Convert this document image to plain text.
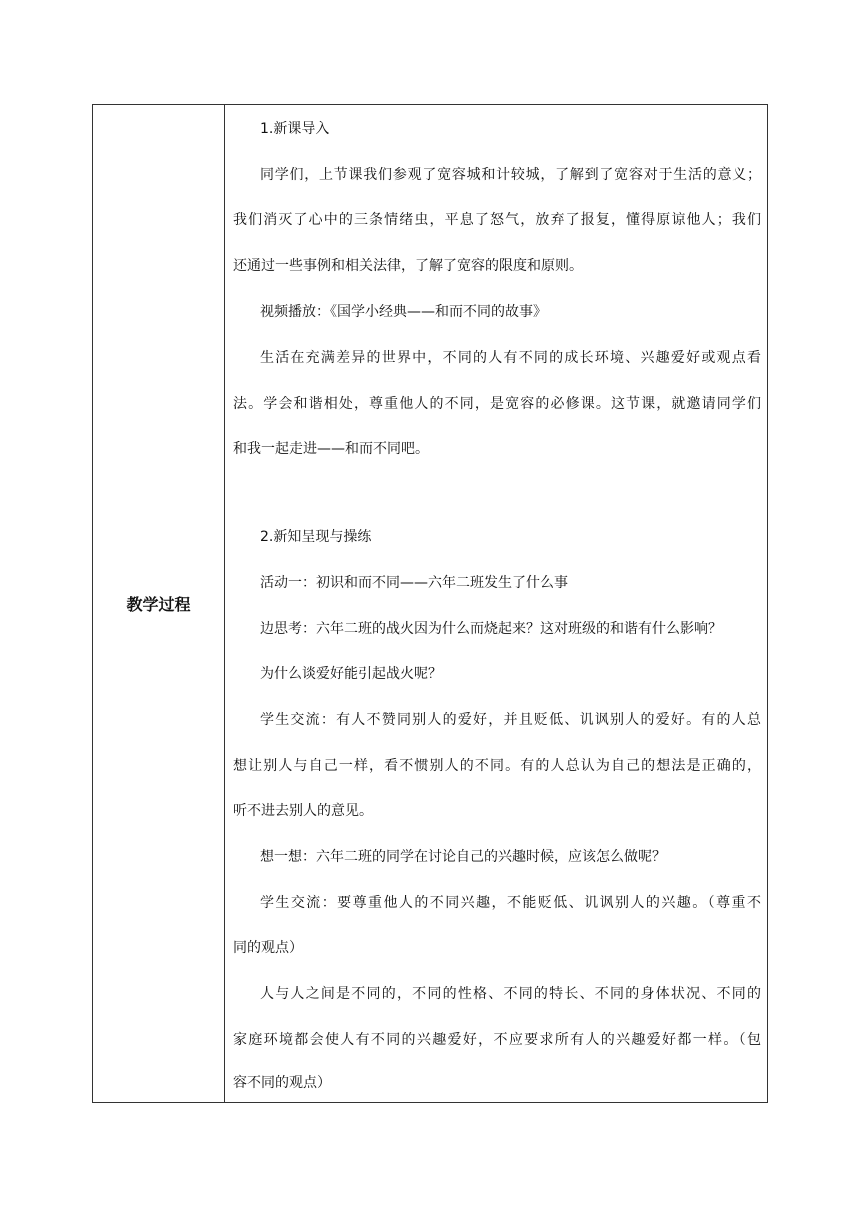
教学过程
1.新课导入
同学们，上节课我们参观了宽容城和计较城，了解到了宽容对于生活的意义；
我们消灭了心中的三条情绪虫，平息了怒气，放弃了报复，懂得原谅他人；我们
还通过一些事例和相关法律，了解了宽容的限度和原则。
视频播放：《国学小经典——和而不同的故事》
生活在充满差异的世界中，不同的人有不同的成长环境、兴趣爱好或观点看
法。学会和谐相处，尊重他人的不同，是宽容的必修课。这节课，就邀请同学们
和我一起走进——和而不同吧。
2.新知呈现与操练
活动一：初识和而不同——六年二班发生了什么事
边思考：六年二班的战火因为什么而烧起来？这对班级的和谐有什么影响？
为什么谈爱好能引起战火呢？
学生交流：有人不赞同别人的爱好，并且贬低、讥讽别人的爱好。有的人总
想让别人与自己一样，看不惯别人的不同。有的人总认为自己的想法是正确的，
听不进去别人的意见。
想一想：六年二班的同学在讨论自己的兴趣时候，应该怎么做呢？
学生交流：要尊重他人的不同兴趣，不能贬低、讥讽别人的兴趣。（尊重不
同的观点）
人与人之间是不同的，不同的性格、不同的特长、不同的身体状况、不同的
家庭环境都会使人有不同的兴趣爱好，不应要求所有人的兴趣爱好都一样。（包
容不同的观点）
